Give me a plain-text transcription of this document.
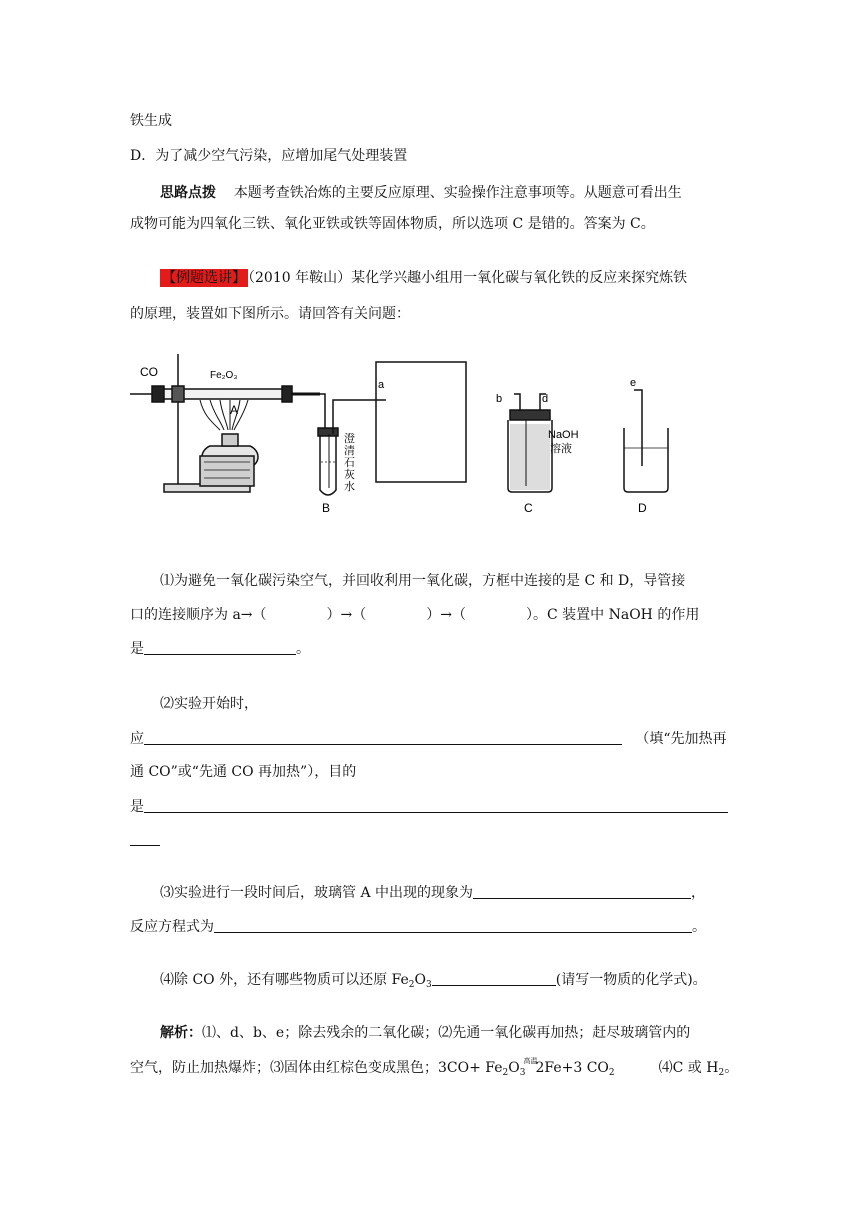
铁生成
D．为了减少空气污染，应增加尾气处理装置
思路点拨 本题考查铁冶炼的主要反应原理、实验操作注意事项等。从题意可看出生
成物可能为四氧化三铁、氧化亚铁或铁等固体物质，所以选项 C 是错的。答案为 C。
【例题选讲】 （2010 年鞍山）某化学兴趣小组用一氧化碳与氧化铁的反应来探究炼铁
的原理，装置如下图所示。请回答有关问题：
CO	Fe₂O₃
A
a
澄
清
石
灰
水
B
b	d
NaOH
溶液
C
e
D
⑴为避免一氧化碳污染空气，并回收利用一氧化碳，方框中连接的是 C 和 D，导管接
口的连接顺序为 a→（	）→（	）→（	）。C 装置中 NaOH 的作用
是	。
⑵实验开始时，
应	（填“先加热再
通 CO”或“先通 CO 再加热”），目的
是
⑶实验进行一段时间后，玻璃管 A 中出现的现象为	，
反应方程式为	。
⑷除 CO 外，还有哪些物质可以还原 $Fe_2O_3$	(请写一物质的化学式)。
解析：⑴、d、b、e；除去残余的二氧化碳；⑵先通一氧化碳再加热；赶尽玻璃管内的
空气，防止加热爆炸；⑶固体由红棕色变成黑色；$3CO+ Fe_2O_3^{高温}2Fe+3$ $CO_2$	⑷C 或 $H_2$。
